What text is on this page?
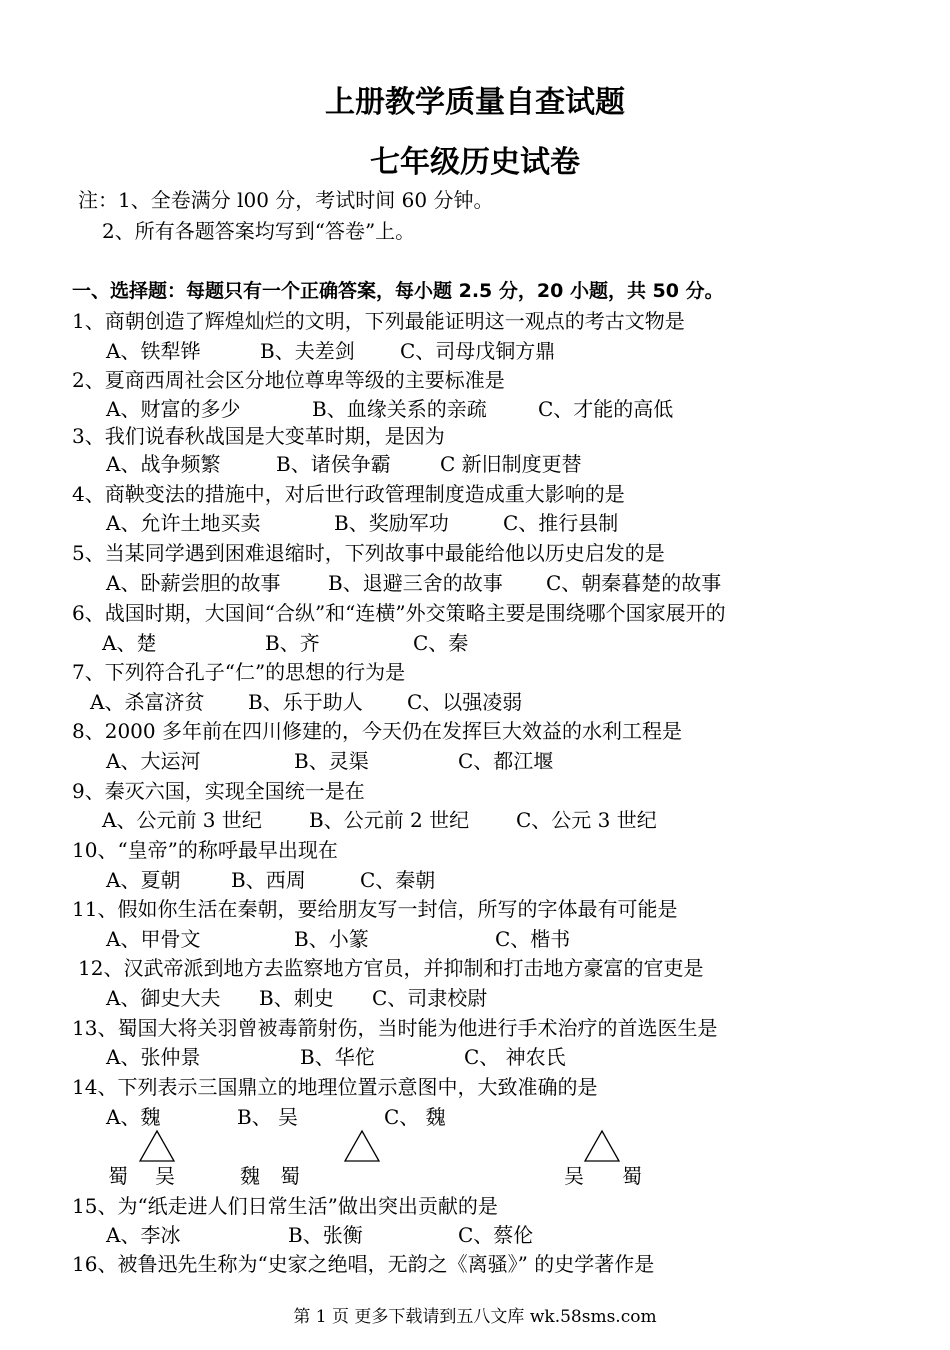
上册教学质量自查试题
七年级历史试卷
注：1、全卷满分 l00 分，考试时间 60 分钟。
2、所有各题答案均写到“答卷”上。
一、选择题：每题只有一个正确答案，每小题 2.5 分，20 小题，共 50 分。
1、商朝创造了辉煌灿烂的文明，下列最能证明这一观点的考古文物是
A、铁犁铧	B、夫差剑 C、司母戊铜方鼎
2、夏商西周社会区分地位尊卑等级的主要标准是
A、财富的多少	B、血缘关系的亲疏	C、才能的高低
3、我们说春秋战国是大变革时期，是因为
A、战争频繁	B、诸侯争霸 C 新旧制度更替
4、商鞅变法的措施中，对后世行政管理制度造成重大影响的是
A、允许土地买卖	B、奖励军功	C、推行县制
5、当某同学遇到困难退缩时，下列故事中最能给他以历史启发的是
A、卧薪尝胆的故事 B、退避三舍的故事 C、朝秦暮楚的故事
6、战国时期，大国间“合纵”和“连横”外交策略主要是围绕哪个国家展开的
A、楚	B、齐	C、秦
7、下列符合孔子“仁”的思想的行为是
A、杀富济贫 B、乐于助人 C、以强凌弱
8、2000 多年前在四川修建的，今天仍在发挥巨大效益的水利工程是
A、大运河	B、灵渠	C、都江堰
9、秦灭六国，实现全国统一是在
A、公元前 3 世纪 B、公元前 2 世纪 C、公元 3 世纪
10、“皇帝”的称呼最早出现在
A、夏朝	B、西周	C、秦朝
11、假如你生活在秦朝，要给朋友写一封信，所写的字体最有可能是
A、甲骨文	B、小篆	C、楷书
12、汉武帝派到地方去监察地方官员，并抑制和打击地方豪富的官吏是
A、御史大夫 B、刺史 C、司隶校尉
13、蜀国大将关羽曾被毒箭射伤，当时能为他进行手术治疗的首选医生是
A、张仲景	B、华佗	C、 神农氏
14、下列表示三国鼎立的地理位置示意图中，大致准确的是
A、魏	B、 吴	C、 魏
蜀 吴	魏 蜀	吴 蜀
15、为“纸走进人们日常生活”做出突出贡献的是
A、李冰	B、张衡	C、蔡伦
16、被鲁迅先生称为“史家之绝唱，无韵之《离骚》” 的史学著作是
第 1 页 更多下载请到五八文库 wk.58sms.com
